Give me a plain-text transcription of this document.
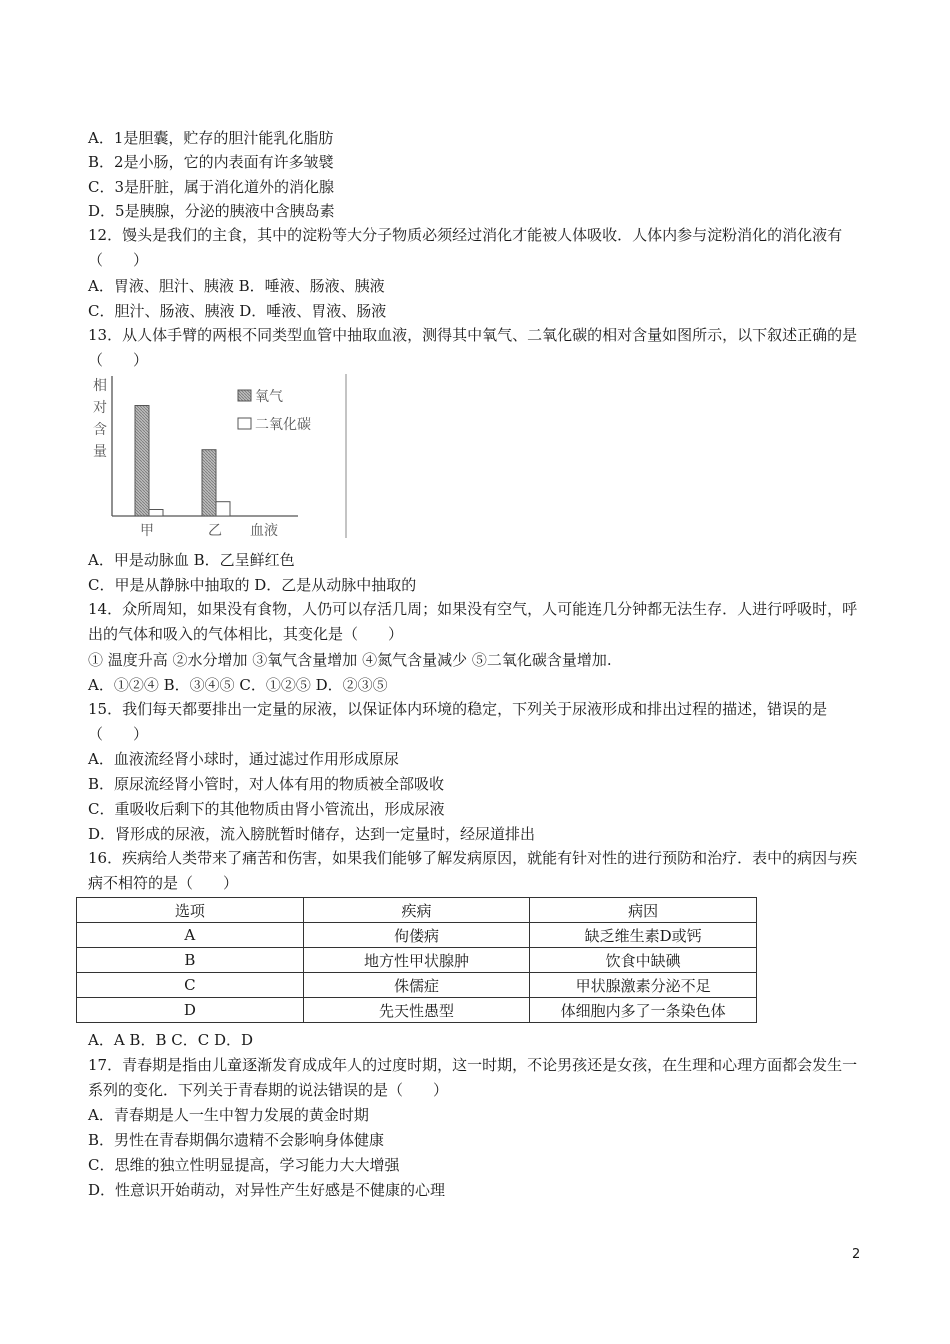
A．1是胆囊，贮存的胆汁能乳化脂肪
B．2是小肠，它的内表面有许多皱襞
C．3是肝脏，属于消化道外的消化腺
D．5是胰腺，分泌的胰液中含胰岛素
12．馒头是我们的主食，其中的淀粉等大分子物质必须经过消化才能被人体吸收．人体内参与淀粉消化的消化液有（　　）
A．胃液、胆汁、胰液 B．唾液、肠液、胰液
C．胆汁、肠液、胰液 D．唾液、胃液、肠液
13．从人体手臂的两根不同类型血管中抽取血液，测得其中氧气、二氧化碳的相对含量如图所示，以下叙述正确的是（　　）
相
对
含
量
甲	乙 血液
氧气
二氧化碳
A．甲是动脉血 B．乙呈鲜红色
C．甲是从静脉中抽取的 D．乙是从动脉中抽取的
14．众所周知，如果没有食物，人仍可以存活几周；如果没有空气，人可能连几分钟都无法生存．人进行呼吸时，呼出的气体和吸入的气体相比，其变化是（　　）
① 温度升高 ②水分增加 ③氧气含量增加 ④氮气含量减少 ⑤二氧化碳含量增加.
A．①②④ B．③④⑤ C．①②⑤ D．②③⑤
15．我们每天都要排出一定量的尿液，以保证体内环境的稳定，下列关于尿液形成和排出过程的描述，错误的是（　　）
A．血液流经肾小球时，通过滤过作用形成原尿
B．原尿流经肾小管时，对人体有用的物质被全部吸收
C．重吸收后剩下的其他物质由肾小管流出，形成尿液
D．肾形成的尿液，流入膀胱暂时储存，达到一定量时，经尿道排出
16．疾病给人类带来了痛苦和伤害，如果我们能够了解发病原因，就能有针对性的进行预防和治疗．表中的病因与疾病不相符的是（　　）
选项	疾病	病因
A	佝偻病	缺乏维生素D或钙
B	地方性甲状腺肿	饮食中缺碘
C	侏儒症	甲状腺激素分泌不足
D	先天性愚型	体细胞内多了一条染色体
A．A B．B C．C D．D
17．青春期是指由儿童逐渐发育成成年人的过度时期，这一时期，不论男孩还是女孩，在生理和心理方面都会发生一系列的变化．下列关于青春期的说法错误的是（　　）
A．青春期是人一生中智力发展的黄金时期
B．男性在青春期偶尔遗精不会影响身体健康
C．思维的独立性明显提高，学习能力大大增强
D．性意识开始萌动，对异性产生好感是不健康的心理
2
